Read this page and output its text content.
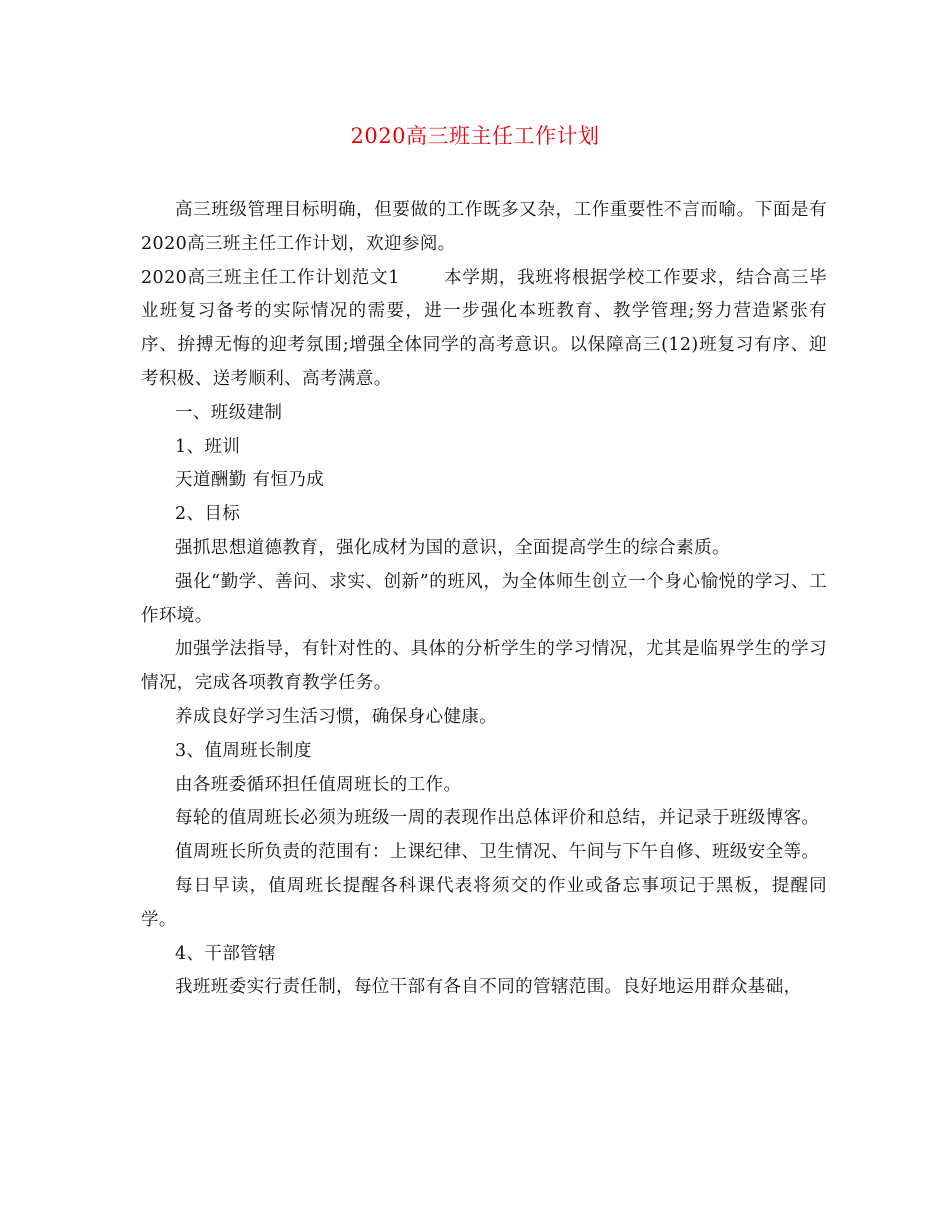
2020高三班主任工作计划

高三班级管理目标明确，但要做的工作既多又杂，工作重要性不言而喻。下面是有2020高三班主任工作计划，欢迎参阅。

2020高三班主任工作计划范文1	本学期，我班将根据学校工作要求，结合高三毕业班复习备考的实际情况的需要，进一步强化本班教育、教学管理;努力营造紧张有序、拚搏无悔的迎考氛围;增强全体同学的高考意识。以保障高三(12)班复习有序、迎考积极、送考顺利、高考满意。

一、班级建制

1、班训

天道酬勤 有恒乃成

2、目标

强抓思想道德教育，强化成材为国的意识，全面提高学生的综合素质。

强化“勤学、善问、求实、创新”的班风，为全体师生创立一个身心愉悦的学习、工作环境。

加强学法指导，有针对性的、具体的分析学生的学习情况，尤其是临界学生的学习情况，完成各项教育教学任务。

养成良好学习生活习惯，确保身心健康。

3、值周班长制度

由各班委循环担任值周班长的工作。

每轮的值周班长必须为班级一周的表现作出总体评价和总结，并记录于班级博客。

值周班长所负责的范围有：上课纪律、卫生情况、午间与下午自修、班级安全等。

每日早读，值周班长提醒各科课代表将须交的作业或备忘事项记于黑板，提醒同学。

4、干部管辖

我班班委实行责任制，每位干部有各自不同的管辖范围。良好地运用群众基础，
